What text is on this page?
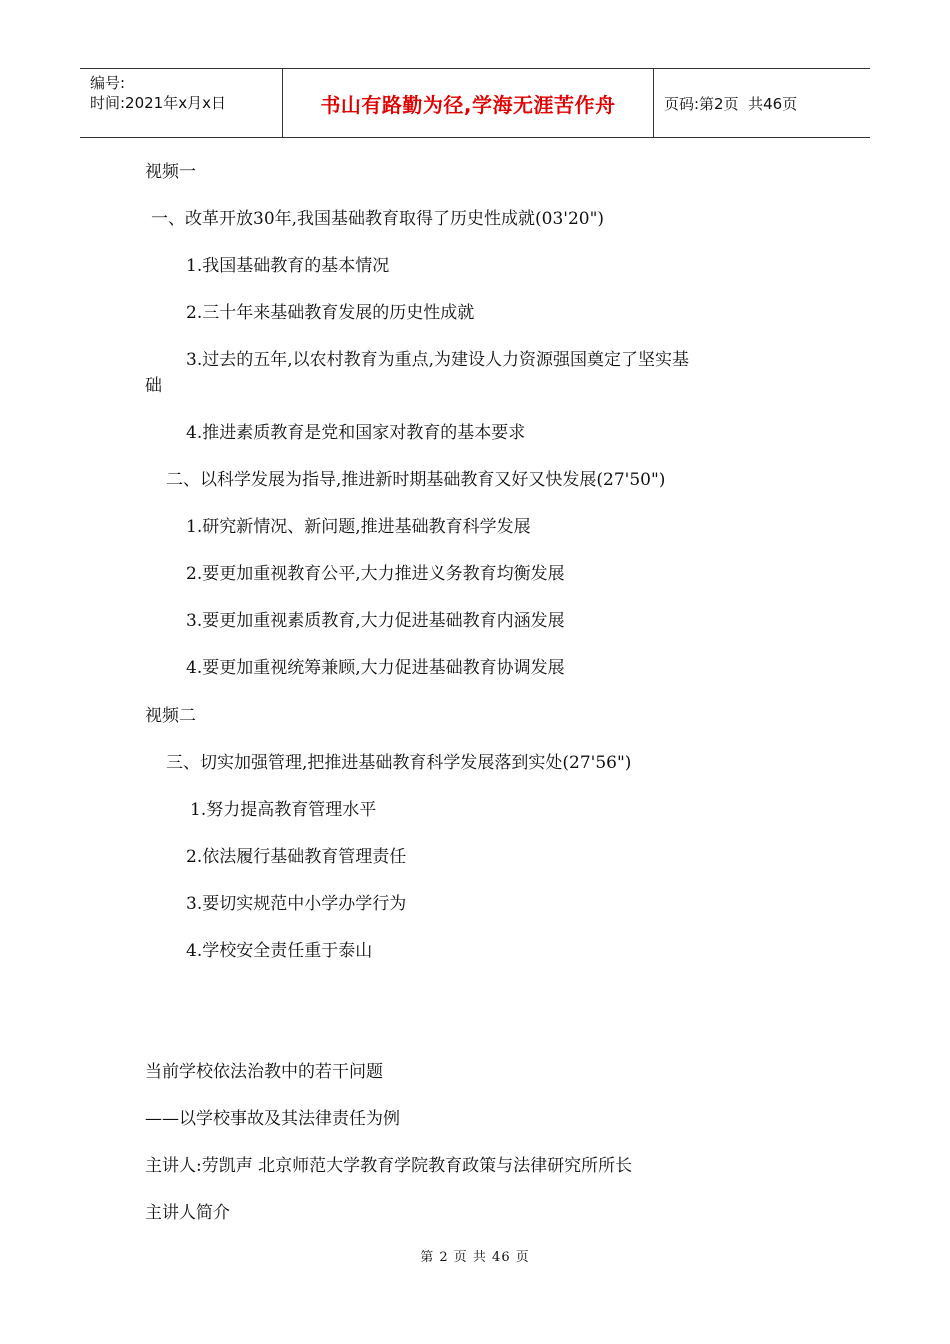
编号:
时间:2021年x月x日	书山有路勤为径,学海无涯苦作舟	页码:第2页  共46页
视频一
一、改革开放30年,我国基础教育取得了历史性成就(03'20")
1.我国基础教育的基本情况
2.三十年来基础教育发展的历史性成就
3.过去的五年,以农村教育为重点,为建设人力资源强国奠定了坚实基
础
4.推进素质教育是党和国家对教育的基本要求
二、以科学发展为指导,推进新时期基础教育又好又快发展(27'50")
1.研究新情况、新问题,推进基础教育科学发展
2.要更加重视教育公平,大力推进义务教育均衡发展
3.要更加重视素质教育,大力促进基础教育内涵发展
4.要更加重视统筹兼顾,大力促进基础教育协调发展
视频二
三、切实加强管理,把推进基础教育科学发展落到实处(27'56")
1.努力提高教育管理水平
2.依法履行基础教育管理责任
3.要切实规范中小学办学行为
4.学校安全责任重于泰山
当前学校依法治教中的若干问题
——以学校事故及其法律责任为例
主讲人:劳凯声 北京师范大学教育学院教育政策与法律研究所所长
主讲人简介
第 2 页 共 46 页
